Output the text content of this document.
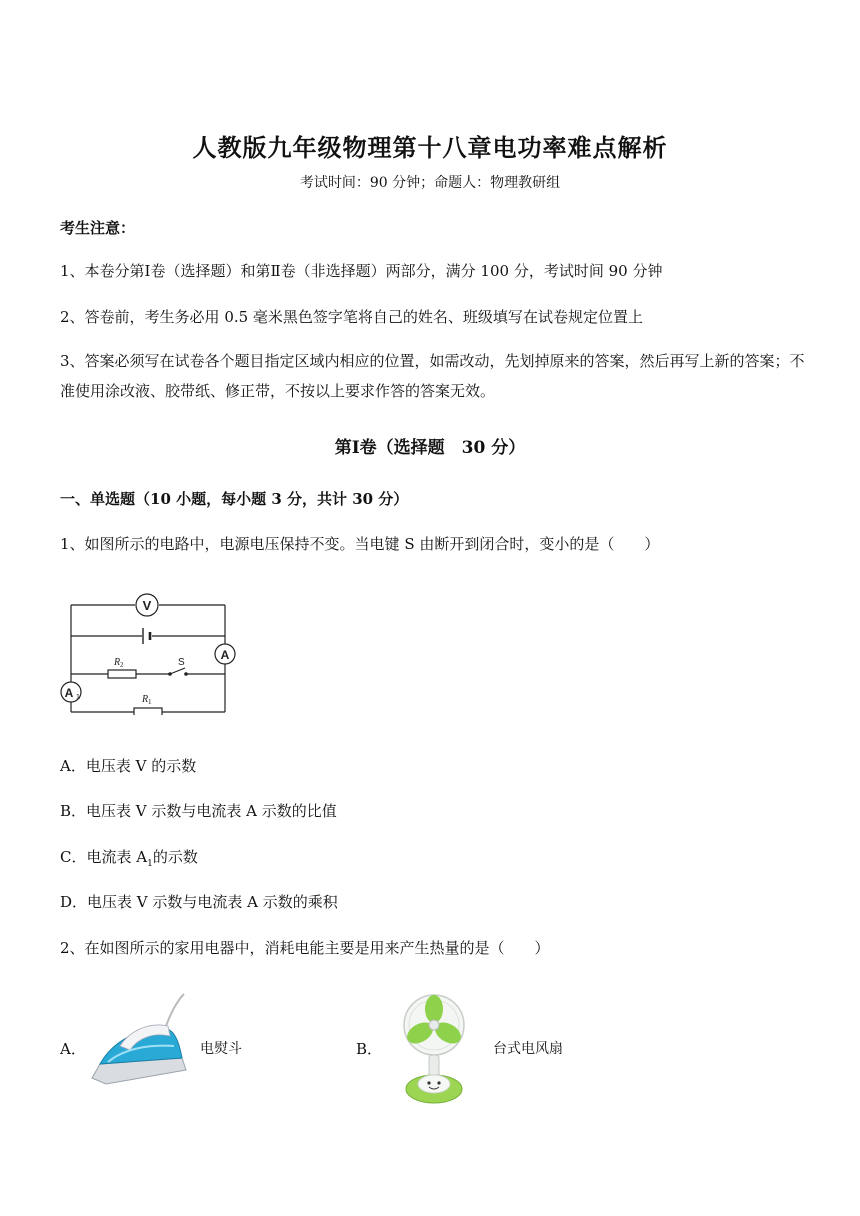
人教版九年级物理第十八章电功率难点解析
考试时间：90 分钟；命题人：物理教研组
考生注意：
1、本卷分第Ⅰ卷（选择题）和第Ⅱ卷（非选择题）两部分，满分 100 分，考试时间 90 分钟
2、答卷前，考生务必用 0.5 毫米黑色签字笔将自己的姓名、班级填写在试卷规定位置上
3、答案必须写在试卷各个题目指定区域内相应的位置，如需改动，先划掉原来的答案，然后再写上新的答案；不准使用涂改液、胶带纸、修正带，不按以上要求作答的答案无效。
第Ⅰ卷（选择题　30 分）
一、单选题（10 小题，每小题 3 分，共计 30 分）
1、如图所示的电路中，电源电压保持不变。当电键 S 由断开到闭合时，变小的是（　　）
V
A
A 1
R 2
R 1
S
A．电压表 V 的示数
B．电压表 V 示数与电流表 A 示数的比值
C．电流表 $A_1$的示数
D．电压表 V 示数与电流表 A 示数的乘积
2、在如图所示的家用电器中，消耗电能主要是用来产生热量的是（　　）
A．	电熨斗	B．	台式电风扇
